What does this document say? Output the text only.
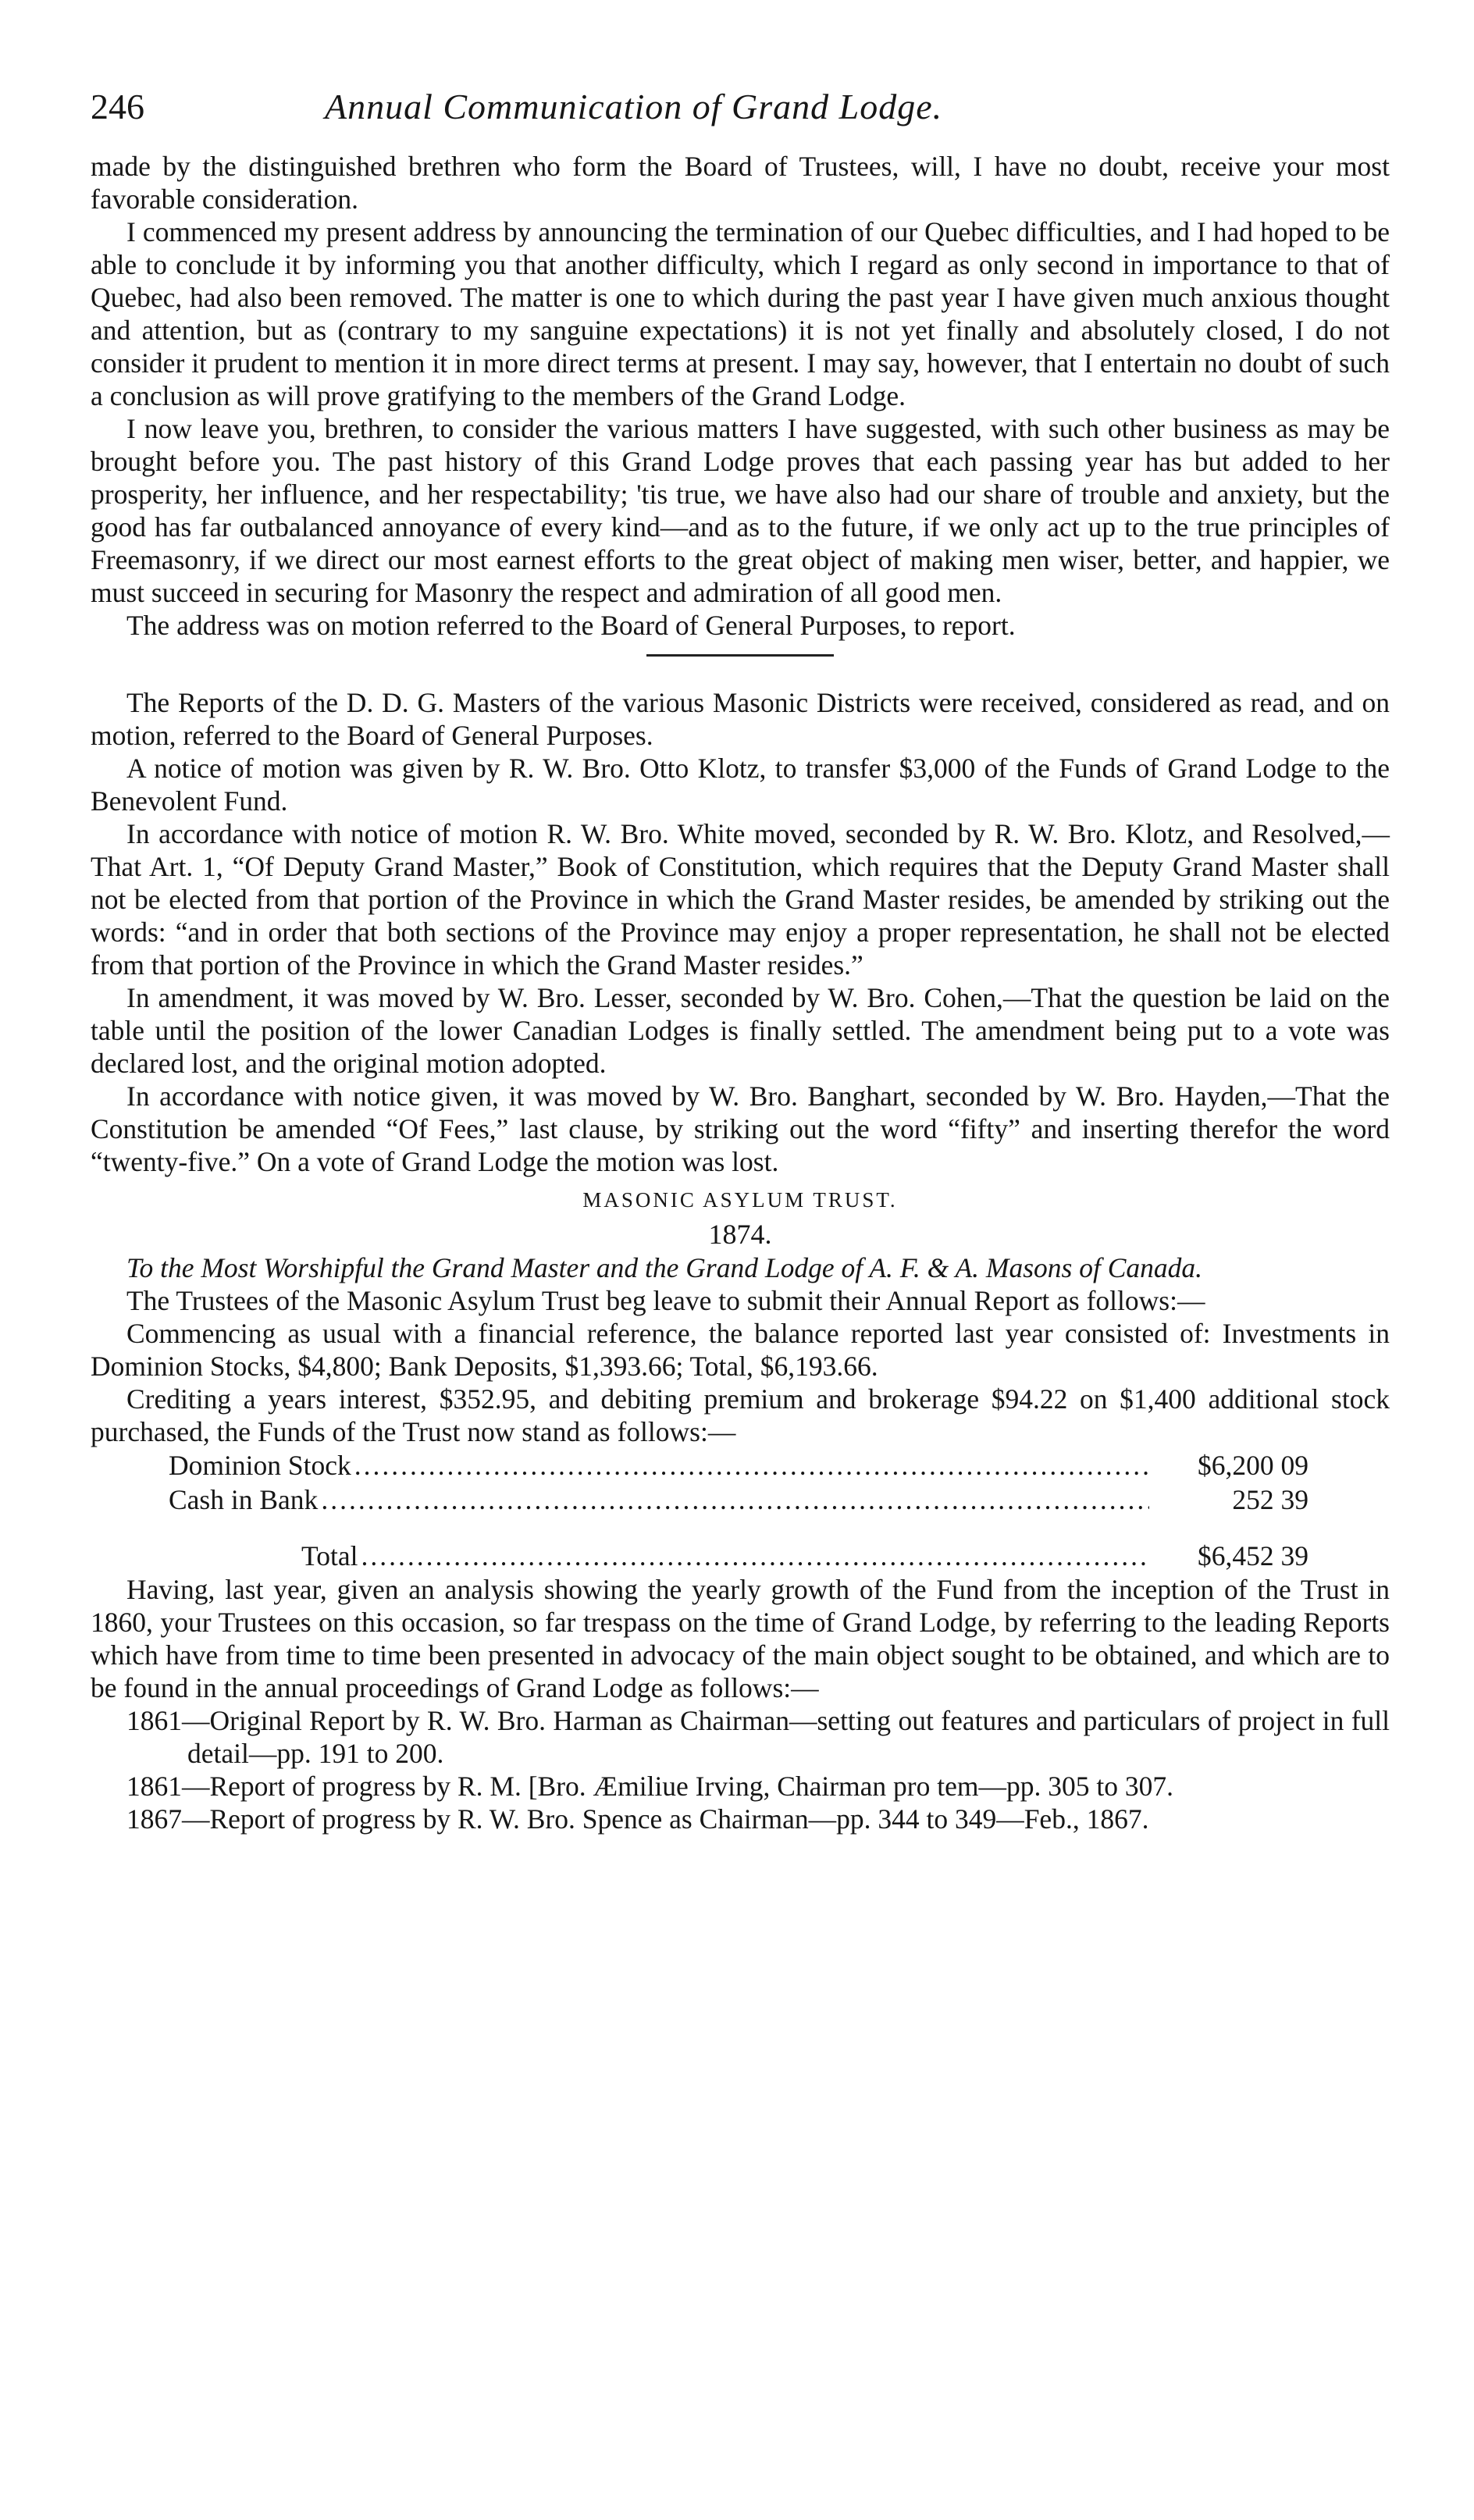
246	Annual Communication of Grand Lodge.

made by the distinguished brethren who form the Board of Trustees, will, I have no doubt, receive your most favorable consideration.

I commenced my present address by announcing the termination of our Quebec difficulties, and I had hoped to be able to conclude it by informing you that another difficulty, which I regard as only second in importance to that of Quebec, had also been removed. The matter is one to which during the past year I have given much anxious thought and attention, but as (contrary to my sanguine expectations) it is not yet finally and absolutely closed, I do not consider it prudent to mention it in more direct terms at present. I may say, however, that I entertain no doubt of such a conclusion as will prove gratifying to the members of the Grand Lodge.

I now leave you, brethren, to consider the various matters I have suggested, with such other business as may be brought before you. The past history of this Grand Lodge proves that each passing year has but added to her prosperity, her influence, and her respectability; 'tis true, we have also had our share of trouble and anxiety, but the good has far outbalanced annoyance of every kind—and as to the future, if we only act up to the true principles of Freemasonry, if we direct our most earnest efforts to the great object of making men wiser, better, and happier, we must succeed in securing for Masonry the respect and admiration of all good men.

The address was on motion referred to the Board of General Purposes, to report.

The Reports of the D. D. G. Masters of the various Masonic Districts were received, considered as read, and on motion, referred to the Board of General Purposes.

A notice of motion was given by R. W. Bro. Otto Klotz, to transfer $3,000 of the Funds of Grand Lodge to the Benevolent Fund.

In accordance with notice of motion R. W. Bro. White moved, seconded by R. W. Bro. Klotz, and Resolved,—That Art. 1, “Of Deputy Grand Master,” Book of Constitution, which requires that the Deputy Grand Master shall not be elected from that portion of the Province in which the Grand Master resides, be amended by striking out the words: “and in order that both sections of the Province may enjoy a proper representation, he shall not be elected from that portion of the Province in which the Grand Master resides.”

In amendment, it was moved by W. Bro. Lesser, seconded by W. Bro. Cohen,—That the question be laid on the table until the position of the lower Canadian Lodges is finally settled. The amendment being put to a vote was declared lost, and the original motion adopted.

In accordance with notice given, it was moved by W. Bro. Banghart, seconded by W. Bro. Hayden,—That the Constitution be amended “Of Fees,” last clause, by striking out the word “fifty” and inserting therefor the word “twenty-five.” On a vote of Grand Lodge the motion was lost.

MASONIC ASYLUM TRUST.
1874.

To the Most Worshipful the Grand Master and the Grand Lodge of A. F. & A. Masons of Canada.

The Trustees of the Masonic Asylum Trust beg leave to submit their Annual Report as follows:—

Commencing as usual with a financial reference, the balance reported last year consisted of: Investments in Dominion Stocks, $4,800; Bank Deposits, $1,393.66; Total, $6,193.66.

Crediting a years interest, $352.95, and debiting premium and brokerage $94.22 on $1,400 additional stock purchased, the Funds of the Trust now stand as follows:—

Dominion Stock .....	$6,200 09
Cash in Bank .....	252 39
Total .....	$6,452 39

Having, last year, given an analysis showing the yearly growth of the Fund from the inception of the Trust in 1860, your Trustees on this occasion, so far trespass on the time of Grand Lodge, by referring to the leading Reports which have from time to time been presented in advocacy of the main object sought to be obtained, and which are to be found in the annual proceedings of Grand Lodge as follows:—

1861—Original Report by R. W. Bro. Harman as Chairman—setting out features and particulars of project in full detail—pp. 191 to 200.

1861—Report of progress by R. M. [Bro. Æmiliue Irving, Chairman pro tem—pp. 305 to 307.

1867—Report of progress by R. W. Bro. Spence as Chairman—pp. 344 to 349—Feb., 1867.
